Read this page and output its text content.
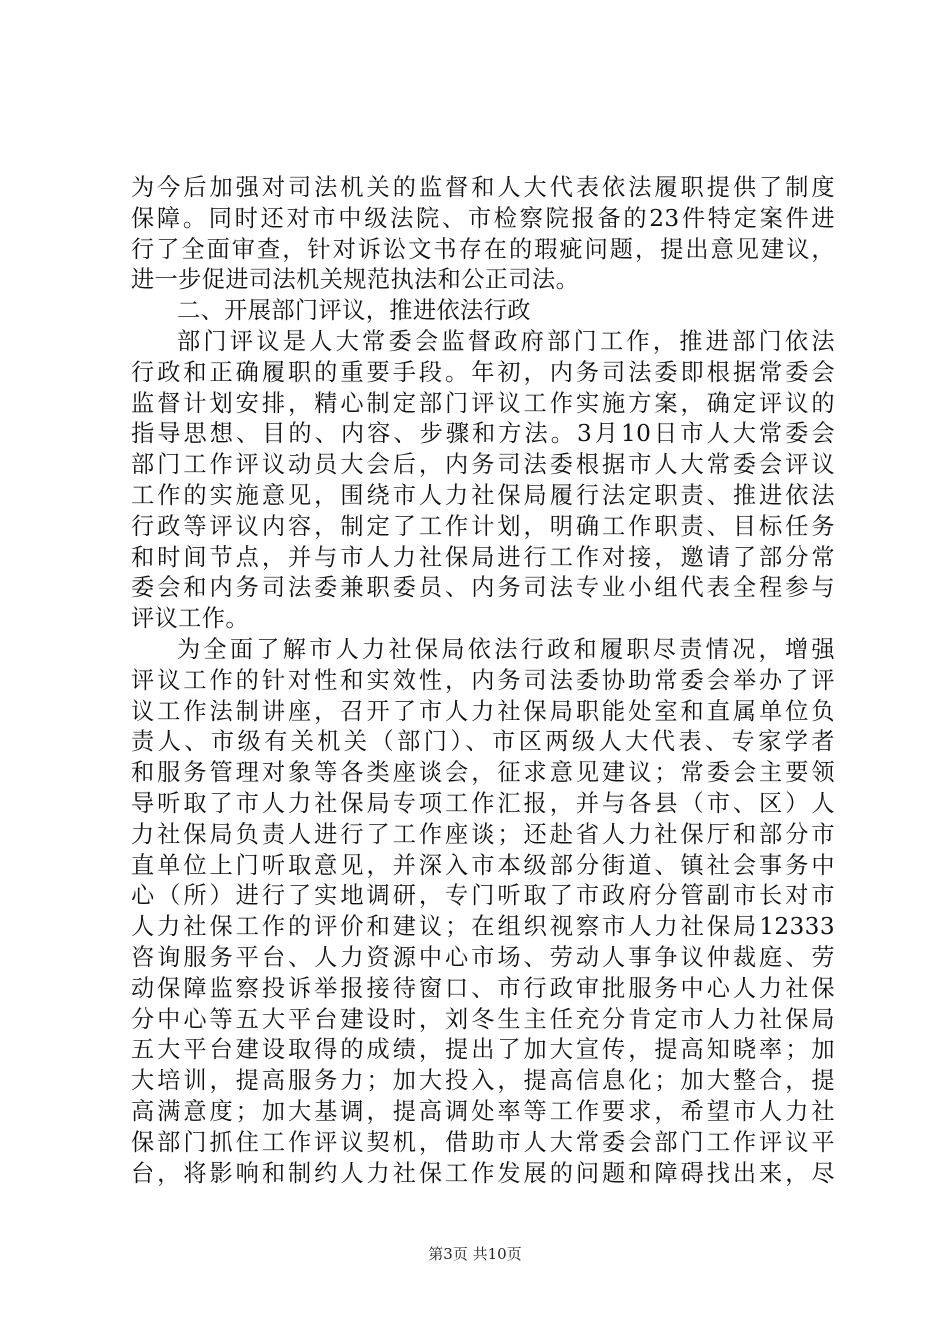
为今后加强对司法机关的监督和人大代表依法履职提供了制度
保障。同时还对市中级法院、市检察院报备的23件特定案件进
行了全面审查，针对诉讼文书存在的瑕疵问题，提出意见建议，
进一步促进司法机关规范执法和公正司法。
二、开展部门评议，推进依法行政
部门评议是人大常委会监督政府部门工作，推进部门依法
行政和正确履职的重要手段。年初，内务司法委即根据常委会
监督计划安排，精心制定部门评议工作实施方案，确定评议的
指导思想、目的、内容、步骤和方法。3月10日市人大常委会
部门工作评议动员大会后，内务司法委根据市人大常委会评议
工作的实施意见，围绕市人力社保局履行法定职责、推进依法
行政等评议内容，制定了工作计划，明确工作职责、目标任务
和时间节点，并与市人力社保局进行工作对接，邀请了部分常
委会和内务司法委兼职委员、内务司法专业小组代表全程参与
评议工作。
为全面了解市人力社保局依法行政和履职尽责情况，增强
评议工作的针对性和实效性，内务司法委协助常委会举办了评
议工作法制讲座，召开了市人力社保局职能处室和直属单位负
责人、市级有关机关（部门）、市区两级人大代表、专家学者
和服务管理对象等各类座谈会，征求意见建议；常委会主要领
导听取了市人力社保局专项工作汇报，并与各县（市、区）人
力社保局负责人进行了工作座谈；还赴省人力社保厅和部分市
直单位上门听取意见，并深入市本级部分街道、镇社会事务中
心（所）进行了实地调研，专门听取了市政府分管副市长对市
人力社保工作的评价和建议；在组织视察市人力社保局12333
咨询服务平台、人力资源中心市场、劳动人事争议仲裁庭、劳
动保障监察投诉举报接待窗口、市行政审批服务中心人力社保
分中心等五大平台建设时，刘冬生主任充分肯定市人力社保局
五大平台建设取得的成绩，提出了加大宣传，提高知晓率；加
大培训，提高服务力；加大投入，提高信息化；加大整合，提
高满意度；加大基调，提高调处率等工作要求，希望市人力社
保部门抓住工作评议契机，借助市人大常委会部门工作评议平
台，将影响和制约人力社保工作发展的问题和障碍找出来，尽
第3页 共10页
